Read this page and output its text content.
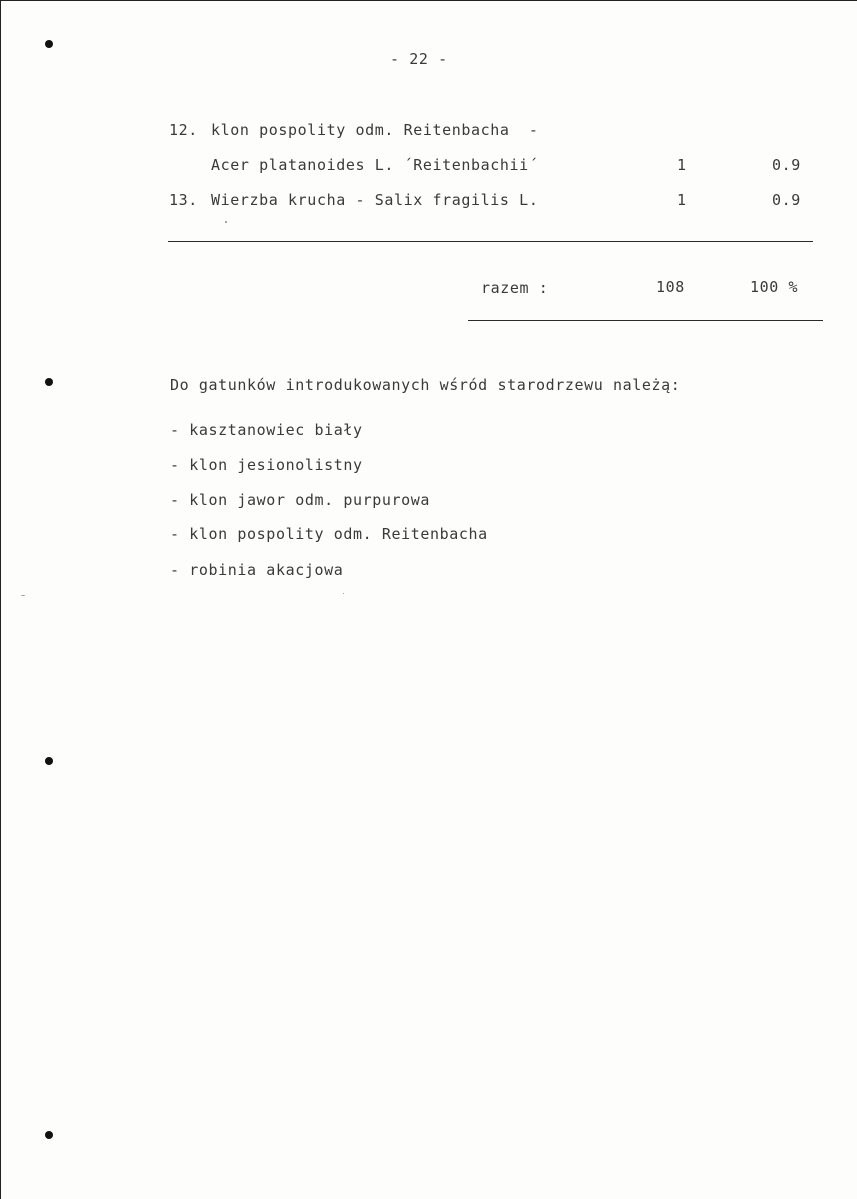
- 22 -
12. klon pospolity odm. Reitenbacha  -
Acer platanoides L. ´Reitenbachii´	1	0.9
13. Wierzba krucha - Salix fragilis L.	1	0.9
razem :	108	100 %
Do gatunków introdukowanych wśród starodrzewu należą:
- kasztanowiec biały
- klon jesionolistny
- klon jawor odm. purpurowa
- klon pospolity odm. Reitenbacha
- robinia akacjowa
